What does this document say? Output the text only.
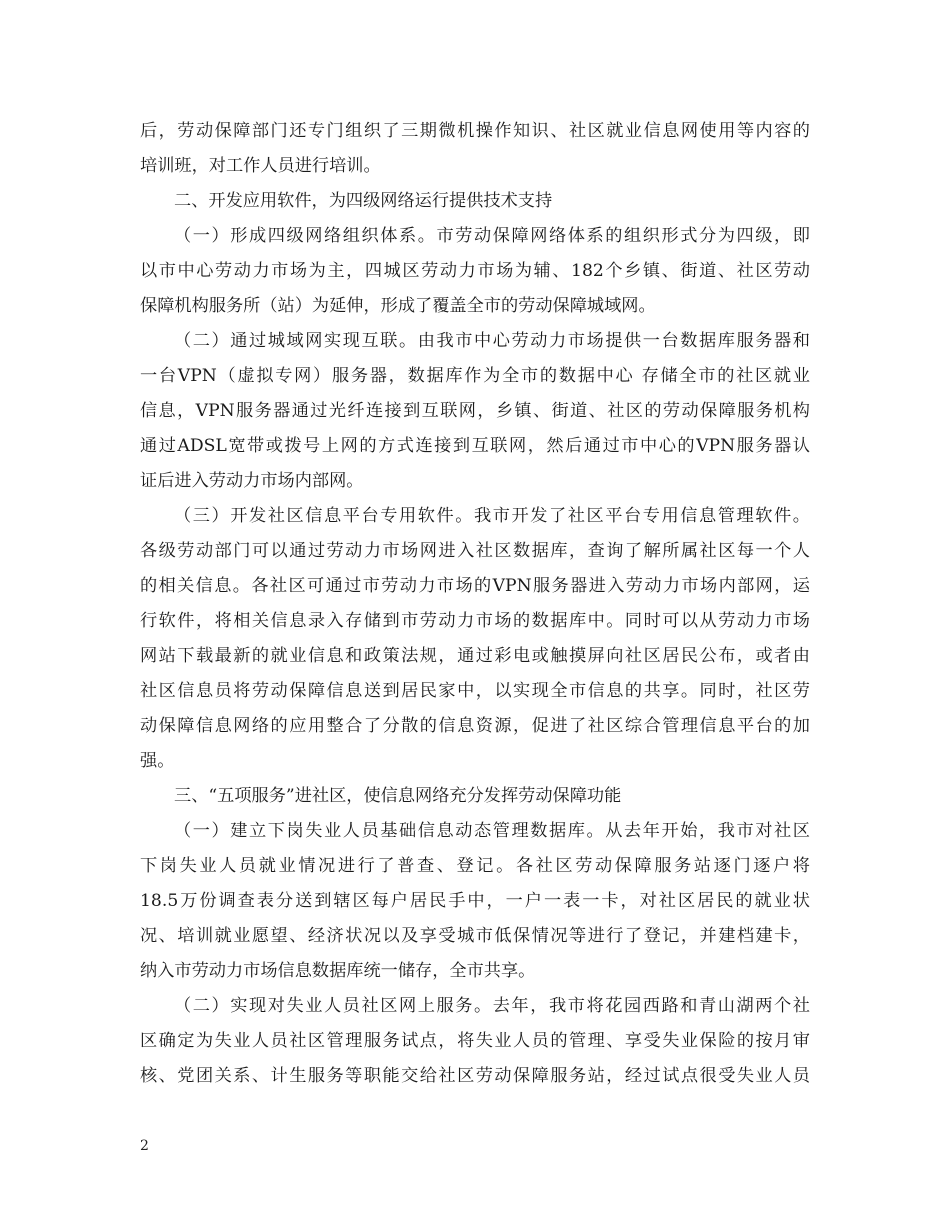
后，劳动保障部门还专门组织了三期微机操作知识、社区就业信息网使用等内容的
培训班，对工作人员进行培训。
二、开发应用软件，为四级网络运行提供技术支持
（一）形成四级网络组织体系。市劳动保障网络体系的组织形式分为四级，即
以市中心劳动力市场为主，四城区劳动力市场为辅、182个乡镇、街道、社区劳动
保障机构服务所（站）为延伸，形成了覆盖全市的劳动保障城域网。
（二）通过城域网实现互联。由我市中心劳动力市场提供一台数据库服务器和
一台VPN（虚拟专网）服务器，数据库作为全市的数据中心 存储全市的社区就业
信息，VPN服务器通过光纤连接到互联网，乡镇、街道、社区的劳动保障服务机构
通过ADSL宽带或拨号上网的方式连接到互联网，然后通过市中心的VPN服务器认
证后进入劳动力市场内部网。
（三）开发社区信息平台专用软件。我市开发了社区平台专用信息管理软件。
各级劳动部门可以通过劳动力市场网进入社区数据库，查询了解所属社区每一个人
的相关信息。各社区可通过市劳动力市场的VPN服务器进入劳动力市场内部网，运
行软件，将相关信息录入存储到市劳动力市场的数据库中。同时可以从劳动力市场
网站下载最新的就业信息和政策法规，通过彩电或触摸屏向社区居民公布，或者由
社区信息员将劳动保障信息送到居民家中，以实现全市信息的共享。同时，社区劳
动保障信息网络的应用整合了分散的信息资源，促进了社区综合管理信息平台的加
强。
三、“五项服务”进社区，使信息网络充分发挥劳动保障功能
（一）建立下岗失业人员基础信息动态管理数据库。从去年开始，我市对社区
下岗失业人员就业情况进行了普查、登记。各社区劳动保障服务站逐门逐户将
18.5万份调查表分送到辖区每户居民手中，一户一表一卡，对社区居民的就业状
况、培训就业愿望、经济状况以及享受城市低保情况等进行了登记，并建档建卡，
纳入市劳动力市场信息数据库统一储存，全市共享。
（二）实现对失业人员社区网上服务。去年，我市将花园西路和青山湖两个社
区确定为失业人员社区管理服务试点，将失业人员的管理、享受失业保险的按月审
核、党团关系、计生服务等职能交给社区劳动保障服务站，经过试点很受失业人员
2
